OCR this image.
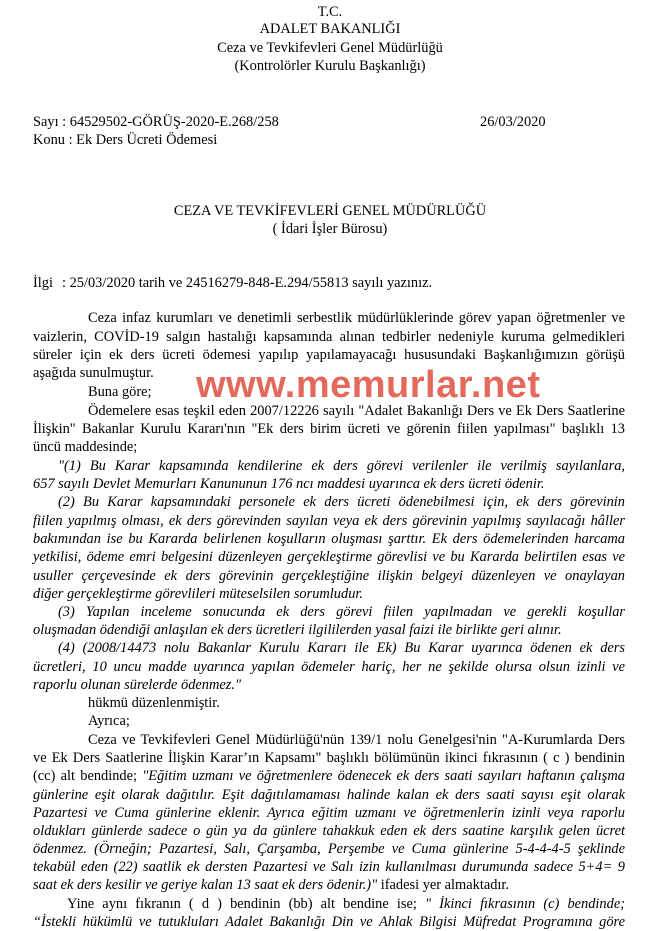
T.C.
ADALET BAKANLIĞI
Ceza ve Tevkifevleri Genel Müdürlüğü
(Kontrolörler Kurulu Başkanlığı)
Sayı : 64529502-GÖRÜŞ-2020-E.268/258	26/03/2020
Konu : Ek Ders Ücreti Ödemesi
CEZA VE TEVKİFEVLERİ GENEL MÜDÜRLÜĞÜ
( İdari İşler Bürosu)
İlgi : 25/03/2020 tarih ve 24516279-848-E.294/55813 sayılı yazınız.
Ceza infaz kurumları ve denetimli serbestlik müdürlüklerinde görev yapan öğretmenler ve
vaizlerin, COVİD-19 salgın hastalığı kapsamında alınan tedbirler nedeniyle kuruma gelmedikleri
süreler için ek ders ücreti ödemesi yapılıp yapılamayacağı hususundaki Başkanlığımızın görüşü
aşağıda sunulmuştur.
Buna göre;
Ödemelere esas teşkil eden 2007/12226 sayılı "Adalet Bakanlığı Ders ve Ek Ders Saatlerine
İlişkin" Bakanlar Kurulu Kararı'nın "Ek ders birim ücreti ve görenin fiilen yapılması" başlıklı 13
üncü maddesinde;
"(1) Bu Karar kapsamında kendilerine ek ders görevi verilenler ile verilmiş sayılanlara,
657 sayılı Devlet Memurları Kanununun 176 ncı maddesi uyarınca ek ders ücreti ödenir.
(2) Bu Karar kapsamındaki personele ek ders ücreti ödenebilmesi için, ek ders görevinin
fiilen yapılmış olması, ek ders görevinden sayılan veya ek ders görevinin yapılmış sayılacağı hâller
bakımından ise bu Kararda belirlenen koşulların oluşması şarttır. Ek ders ödemelerinden harcama
yetkilisi, ödeme emri belgesini düzenleyen gerçekleştirme görevlisi ve bu Kararda belirtilen esas ve
usuller çerçevesinde ek ders görevinin gerçekleştiğine ilişkin belgeyi düzenleyen ve onaylayan
diğer gerçekleştirme görevlileri müteselsilen sorumludur.
(3) Yapılan inceleme sonucunda ek ders görevi fiilen yapılmadan ve gerekli koşullar
oluşmadan ödendiği anlaşılan ek ders ücretleri ilgililerden yasal faizi ile birlikte geri alınır.
(4) (2008/14473 nolu Bakanlar Kurulu Kararı ile Ek) Bu Karar uyarınca ödenen ek ders
ücretleri, 10 uncu madde uyarınca yapılan ödemeler hariç, her ne şekilde olursa olsun izinli ve
raporlu olunan sürelerde ödenmez."
hükmü düzenlenmiştir.
Ayrıca;
Ceza ve Tevkifevleri Genel Müdürlüğü'nün 139/1 nolu Genelgesi'nin "A-Kurumlarda Ders
ve Ek Ders Saatlerine İlişkin Karar’ın Kapsamı" başlıklı bölümünün ikinci fıkrasının ( c ) bendinin
(cc) alt bendinde; "Eğitim uzmanı ve öğretmenlere ödenecek ek ders saati sayıları haftanın çalışma
günlerine eşit olarak dağıtılır. Eşit dağıtılamaması halinde kalan ek ders saati sayısı eşit olarak
Pazartesi ve Cuma günlerine eklenir. Ayrıca eğitim uzmanı ve öğretmenlerin izinli veya raporlu
oldukları günlerde sadece o gün ya da günlere tahakkuk eden ek ders saatine karşılık gelen ücret
ödenmez. (Örneğin; Pazartesi, Salı, Çarşamba, Perşembe ve Cuma günlerine 5-4-4-4-5 şeklinde
tekabül eden (22) saatlik ek dersten Pazartesi ve Salı izin kullanılması durumunda sadece 5+4= 9
saat ek ders kesilir ve geriye kalan 13 saat ek ders ödenir.)" ifadesi yer almaktadır.
Yine aynı fıkranın ( d ) bendinin (bb) alt bendine ise; " İkinci fıkrasının (c) bendinde;
“İstekli hükümlü ve tutukluları Adalet Bakanlığı Din ve Ahlak Bilgisi Müfredat Programına göre
www.memurlar.net
